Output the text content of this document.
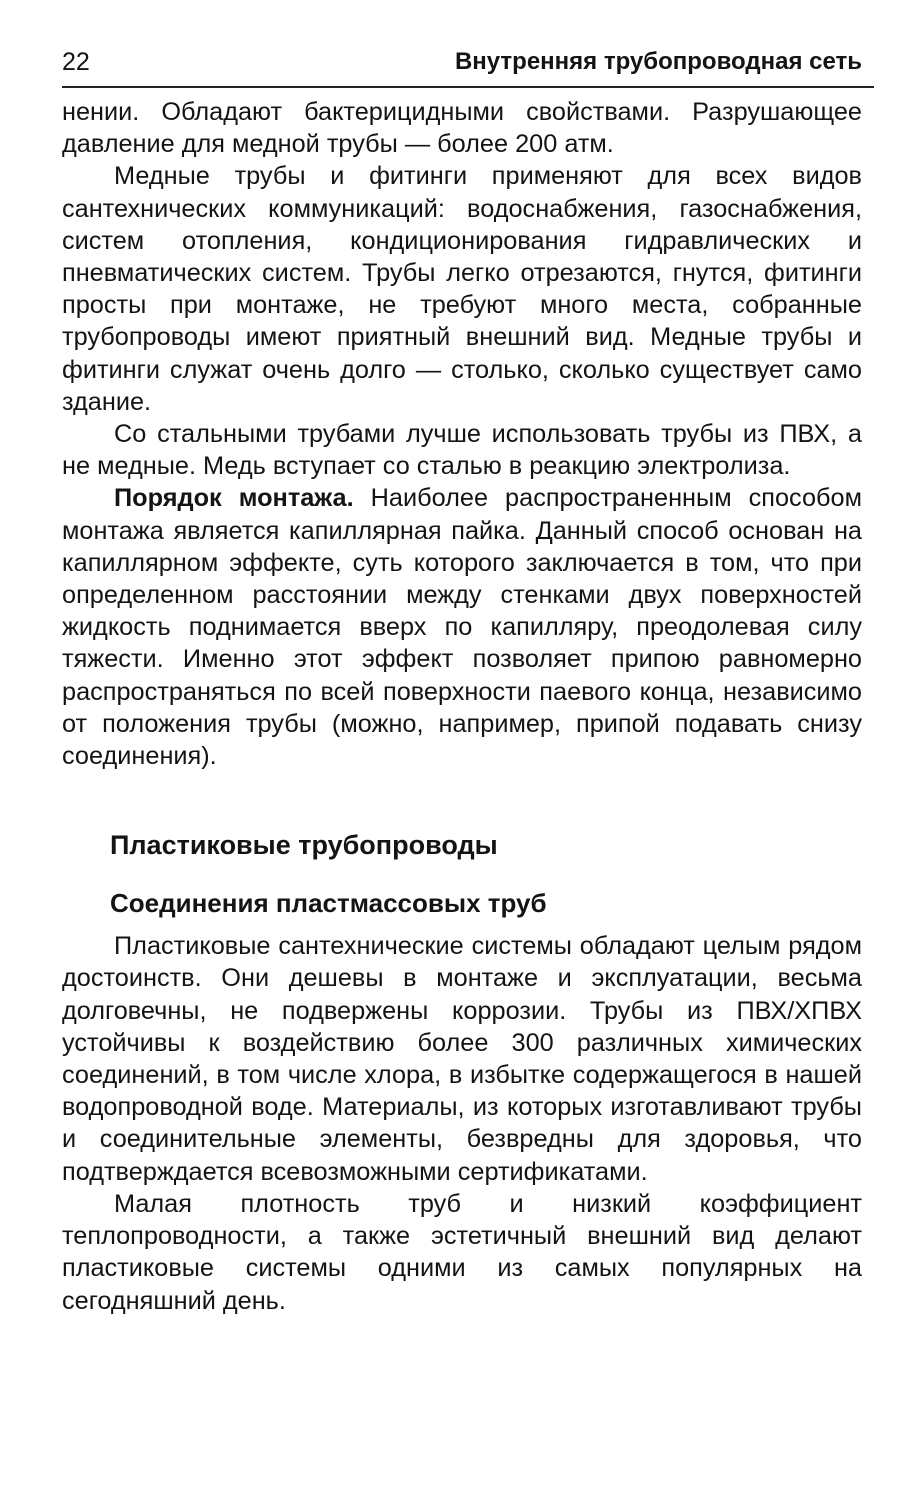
22	Внутренняя трубопроводная сеть

нении. Обладают бактерицидными свойствами. Разрушающее давление для медной трубы — более 200 атм.

Медные трубы и фитинги применяют для всех видов сантехнических коммуникаций: водоснабжения, газоснабжения, систем отопления, кондиционирования гидравлических и пневматических систем. Трубы легко отрезаются, гнутся, фитинги просты при монтаже, не требуют много места, собранные трубопроводы имеют приятный внешний вид. Медные трубы и фитинги служат очень долго — столько, сколько существует само здание.

Со стальными трубами лучше использовать трубы из ПВХ, а не медные. Медь вступает со сталью в реакцию электролиза.

Порядок монтажа. Наиболее распространенным способом монтажа является капиллярная пайка. Данный способ основан на капиллярном эффекте, суть которого заключается в том, что при определенном расстоянии между стенками двух поверхностей жидкость поднимается вверх по капилляру, преодолевая силу тяжести. Именно этот эффект позволяет припою равномерно распространяться по всей поверхности паевого конца, независимо от положения трубы (можно, например, припой подавать снизу соединения).

Пластиковые трубопроводы
Соединения пластмассовых труб

Пластиковые сантехнические системы обладают целым рядом достоинств. Они дешевы в монтаже и эксплуатации, весьма долговечны, не подвержены коррозии. Трубы из ПВХ/ХПВХ устойчивы к воздействию более 300 различных химических соединений, в том числе хлора, в избытке содержащегося в нашей водопроводной воде. Материалы, из которых изготавливают трубы и соединительные элементы, безвредны для здоровья, что подтверждается всевозможными сертификатами.

Малая плотность труб и низкий коэффициент теплопроводности, а также эстетичный внешний вид делают пластиковые системы одними из самых популярных на сегодняшний день.
